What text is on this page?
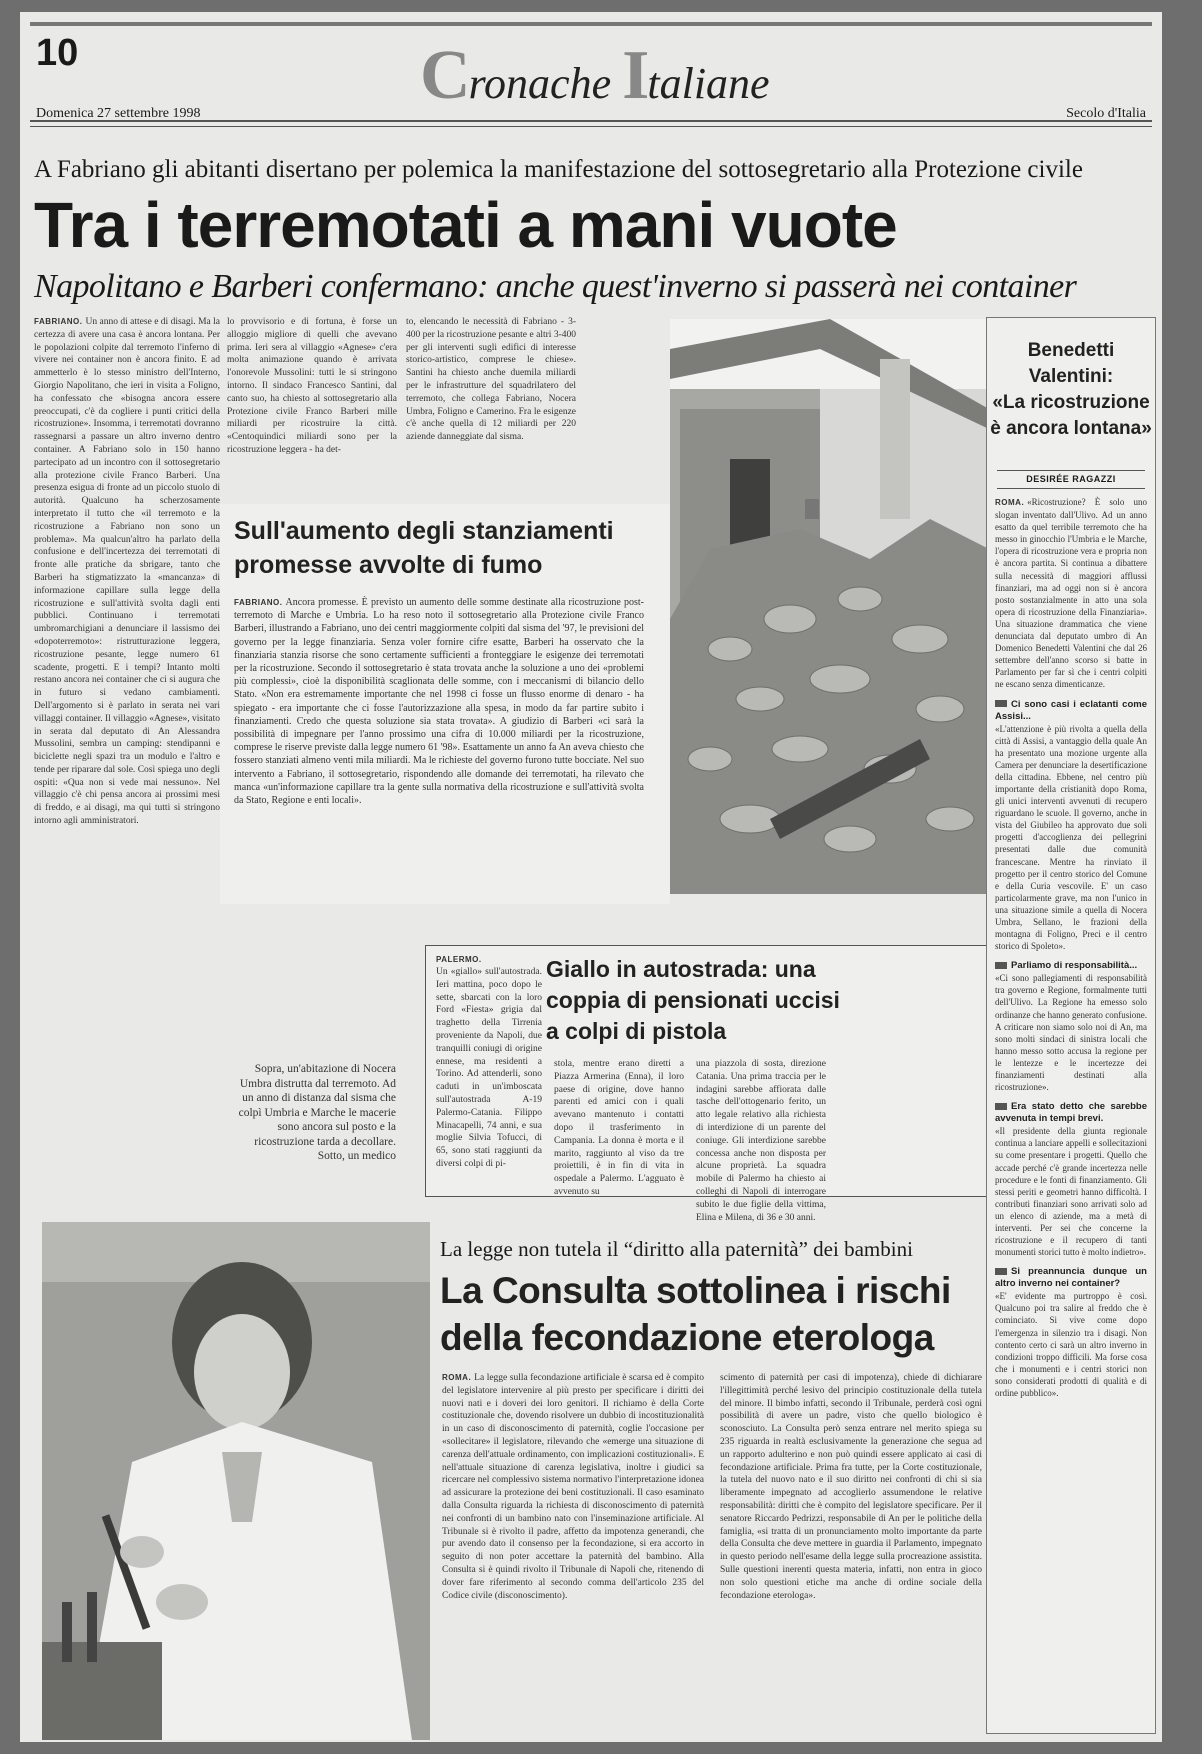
10	Cronache Italiane
Domenica 27 settembre 1998	Secolo d'Italia
A Fabriano gli abitanti disertano per polemica la manifestazione del sottosegretario alla Protezione civile
Tra i terremotati a mani vuote
Napolitano e Barberi confermano: anche quest'inverno si passerà nei container
FABRIANO. Un anno di attese e di disagi. Ma la certezza di avere una casa è ancora lontana. Per le popolazioni colpite dal terremoto l'inferno di vivere nei container non è ancora finito. E ad ammetterlo è lo stesso ministro dell'Interno, Giorgio Napolitano, che ieri in visita a Foligno, ha confessato che «bisogna ancora essere preoccupati, c'è da cogliere i punti critici della ricostruzione». Insomma, i terremotati dovranno rassegnarsi a passare un altro inverno dentro container. A Fabriano solo in 150 hanno partecipato ad un incontro con il sottosegretario alla protezione civile Franco Barberi. Una presenza esigua di fronte ad un piccolo stuolo di autorità. Qualcuno ha scherzosamente interpretato il tutto che «il terremoto e la ricostruzione a Fabriano non sono un problema». Ma qualcun'altro ha parlato della confusione e dell'incertezza dei terremotati di fronte alle pratiche da sbrigare, tanto che Barberi ha stigmatizzato la «mancanza» di informazione capillare sulla legge della ricostruzione e sull'attività svolta dagli enti pubblici. Continuano i terremotati umbromarchigiani a denunciare il lassismo dei «dopoterremoto»: ristrutturazione leggera, ricostruzione pesante, legge numero 61 scadente, progetti. E i tempi? Intanto molti restano ancora nei container che ci si augura che in futuro si vedano cambiamenti. Dell'argomento si è parlato in serata nei vari villaggi container. Il villaggio «Agnese», visitato in serata dal deputato di An Alessandra Mussolini, sembra un camping: stendipanni e biciclette negli spazi tra un modulo e l'altro e tende per riparare dal sole. Così spiega uno degli ospiti: «Qua non si vede mai nessuno». Nel villaggio c'è chi pensa ancora ai prossimi mesi di freddo, e ai disagi, ma qui tutti si stringono intorno agli amministratori.
lo provvisorio e di fortuna, è forse un alloggio migliore di quelli che avevano prima. Ieri sera al villaggio «Agnese» c'era molta animazione quando è arrivata l'onorevole Mussolini: tutti le si stringono intorno. Il sindaco Francesco Santini, dal canto suo, ha chiesto al sottosegretario alla Protezione civile Franco Barberi mille miliardi per ricostruire la città. «Centoquindici miliardi sono per la ricostruzione leggera - ha det-
to, elencando le necessità di Fabriano - 3-400 per la ricostruzione pesante e altri 3-400 per gli interventi sugli edifici di interesse storico-artistico, comprese le chiese». Santini ha chiesto anche duemila miliardi per le infrastrutture del squadrilatero del terremoto, che collega Fabriano, Nocera Umbra, Foligno e Camerino. Fra le esigenze c'è anche quella di 12 miliardi per 220 aziende danneggiate dal sisma.
Sull'aumento degli stanziamenti promesse avvolte di fumo
FABRIANO. Ancora promesse. È previsto un aumento delle somme destinate alla ricostruzione post-terremoto di Marche e Umbria. Lo ha reso noto il sottosegretario alla Protezione civile Franco Barberi, illustrando a Fabriano, uno dei centri maggiormente colpiti dal sisma del '97, le previsioni del governo per la legge finanziaria. Senza voler fornire cifre esatte, Barberi ha osservato che la finanziaria stanzia risorse che sono certamente sufficienti a fronteggiare le esigenze dei terremotati per la ricostruzione. Secondo il sottosegretario è stata trovata anche la soluzione a uno dei «problemi più complessi», cioè la disponibilità scaglionata delle somme, con i meccanismi di bilancio dello Stato. «Non era estremamente importante che nel 1998 ci fosse un flusso enorme di denaro - ha spiegato - era importante che ci fosse l'autorizzazione alla spesa, in modo da far partire subito i finanziamenti. Credo che questa soluzione sia stata trovata». A giudizio di Barberi «ci sarà la possibilità di impegnare per l'anno prossimo una cifra di 10.000 miliardi per la ricostruzione, comprese le riserve previste dalla legge numero 61 '98». Esattamente un anno fa An aveva chiesto che fossero stanziati almeno venti mila miliardi. Ma le richieste del governo furono tutte bocciate. Nel suo intervento a Fabriano, il sottosegretario, rispondendo alle domande dei terremotati, ha rilevato che manca «un'informazione capillare tra la gente sulla normativa della ricostruzione e sull'attività svolta da Stato, Regione e enti locali».
Sopra, un'abitazione di Nocera Umbra distrutta dal terremoto. Ad un anno di distanza dal sisma che colpì Umbria e Marche le macerie sono ancora sul posto e la ricostruzione tarda a decollare. Sotto, un medico
PALERMO.	Giallo in autostrada: una coppia di pensionati uccisi a colpi di pistola
Un «giallo» sull'autostrada. Ieri mattina, poco dopo le sette, sbarcati con la loro Ford «Fiesta» grigia dal traghetto della Tirrenia proveniente da Napoli, due tranquilli coniugi di origine ennese, ma residenti a Torino. Ad attenderli, sono caduti in un'imboscata sull'autostrada A-19 Palermo-Catania. Filippo Minacapelli, 74 anni, e sua moglie Silvia Tofucci, di 65, sono stati raggiunti da diversi colpi di pi-
stola, mentre erano diretti a Piazza Armerina (Enna), il loro paese di origine, dove hanno parenti ed amici con i quali avevano mantenuto i contatti dopo il trasferimento in Campania. La donna è morta e il marito, raggiunto al viso da tre proiettili, è in fin di vita in ospedale a Palermo. L'agguato è avvenuto su
una piazzola di sosta, direzione Catania. Una prima traccia per le indagini sarebbe affiorata dalle tasche dell'ottogenario ferito, un atto legale relativo alla richiesta di interdizione di un parente del coniuge. Gli interdizione sarebbe concessa anche non disposta per alcune proprietà. La squadra mobile di Palermo ha chiesto ai colleghi di Napoli di interrogare subito le due figlie della vittima, Elina e Milena, di 36 e 30 anni.
La legge non tutela il “diritto alla paternità” dei bambini
La Consulta sottolinea i rischi della fecondazione eterologa
ROMA. La legge sulla fecondazione artificiale è scarsa ed è compito del legislatore intervenire al più presto per specificare i diritti dei nuovi nati e i doveri dei loro genitori. Il richiamo è della Corte costituzionale che, dovendo risolvere un dubbio di incostituzionalità in un caso di disconoscimento di paternità, coglie l'occasione per «sollecitare» il legislatore, rilevando che «emerge una situazione di carenza dell'attuale ordinamento, con implicazioni costituzionali». E nell'attuale situazione di carenza legislativa, inoltre i giudici sa ricercare nel complessivo sistema normativo l'interpretazione idonea ad assicurare la protezione dei beni costituzionali. Il caso esaminato dalla Consulta riguarda la richiesta di disconoscimento di paternità nei confronti di un bambino nato con l'inseminazione artificiale. Al Tribunale si è rivolto il padre, affetto da impotenza generandi, che pur avendo dato il consenso per la fecondazione, si era accorto in seguito di non poter accettare la paternità del bambino. Alla Consulta si è quindi rivolto il Tribunale di Napoli che, ritenendo di dover fare riferimento al secondo comma dell'articolo 235 del Codice civile (disconoscimento).
scimento di paternità per casi di impotenza), chiede di dichiarare l'illegittimità perché lesivo del principio costituzionale della tutela del minore. Il bimbo infatti, secondo il Tribunale, perderà così ogni possibilità di avere un padre, visto che quello biologico è sconosciuto. La Consulta però senza entrare nel merito spiega su 235 riguarda in realtà esclusivamente la generazione che segua ad un rapporto adulterino e non può quindi essere applicato ai casi di fecondazione artificiale. Prima fra tutte, per la Corte costituzionale, la tutela del nuovo nato e il suo diritto nei confronti di chi si sia liberamente impegnato ad accoglierlo assumendone le relative responsabilità: diritti che è compito del legislatore specificare. Per il senatore Riccardo Pedrizzi, responsabile di An per le politiche della famiglia, «si tratta di un pronunciamento molto importante da parte della Consulta che deve mettere in guardia il Parlamento, impegnato in questo periodo nell'esame della legge sulla procreazione assistita. Sulle questioni inerenti questa materia, infatti, non entra in gioco non solo questioni etiche ma anche di ordine sociale della fecondazione eterologa».
Benedetti
Valentini:
«La ricostruzione
è ancora lontana»
DESIRÉE RAGAZZI
ROMA. «Ricostruzione? È solo uno slogan inventato dall'Ulivo. Ad un anno esatto da quel terribile terremoto che ha messo in ginocchio l'Umbria e le Marche, l'opera di ricostruzione vera e propria non è ancora partita. Si continua a dibattere sulla necessità di maggiori afflussi finanziari, ma ad oggi non si è ancora posto sostanzialmente in atto una sola opera di ricostruzione della Finanziaria». Una situazione drammatica che viene denunciata dal deputato umbro di An Domenico Benedetti Valentini che dal 26 settembre dell'anno scorso si batte in Parlamento per far sì che i centri colpiti ne escano senza dimenticanze.
Ci sono casi i eclatanti come Assisi...
«L'attenzione è più rivolta a quella della città di Assisi, a vantaggio della quale An ha presentato una mozione urgente alla Camera per denunciare la desertificazione della cittadina. Ebbene, nel centro più importante della cristianità dopo Roma, gli unici interventi avvenuti di recupero riguardano le scuole. Il governo, anche in vista del Giubileo ha approvato due soli progetti d'accoglienza dei pellegrini presentati dalle due comunità francescane. Mentre ha rinviato il progetto per il centro storico del Comune e della Curia vescovile. E' un caso particolarmente grave, ma non l'unico in una situazione simile a quella di Nocera Umbra, Sellano, le frazioni della montagna di Foligno, Preci e il centro storico di Spoleto».
Parliamo di responsabilità...
«Ci sono pallegiamenti di responsabilità tra governo e Regione, formalmente tutti dell'Ulivo. La Regione ha emesso solo ordinanze che hanno generato confusione. A criticare non siamo solo noi di An, ma sono molti sindaci di sinistra locali che hanno messo sotto accusa la regione per le lentezze e le incertezze dei finanziamenti destinati alla ricostruzione».
Era stato detto che sarebbe avvenuta in tempi brevi.
«Il presidente della giunta regionale continua a lanciare appelli e sollecitazioni su come presentare i progetti. Quello che accade perché c'è grande incertezza nelle procedure e le fonti di finanziamento. Gli stessi periti e geometri hanno difficoltà. I contributi finanziari sono arrivati solo ad un elenco di aziende, ma a metà di interventi. Per sei che concerne la ricostruzione e il recupero di tanti monumenti storici tutto è molto indietro».
Si preannuncia dunque un altro inverno nei container?
«E' evidente ma purtroppo è così. Qualcuno poi tra salire al freddo che è cominciato. Si vive come dopo l'emergenza in silenzio tra i disagi. Non contento certo ci sarà un altro inverno in condizioni troppo difficili. Ma forse cosa che i monumenti e i centri storici non sono considerati prodotti di qualità e di ordine pubblico».
